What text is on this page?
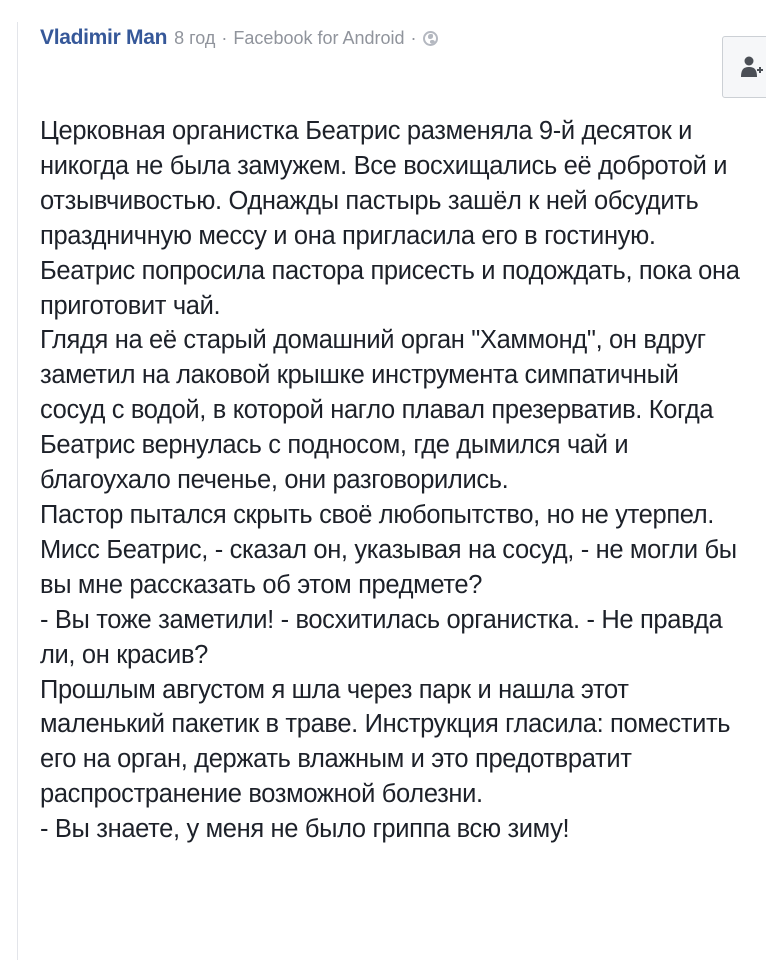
Vladimir Man 8 год · Facebook for Android ·

Церковная органистка Беатрис разменяла 9-й десяток и никогда не была замужем. Все восхищались её добротой и отзывчивостью. Однажды пастырь зашёл к ней обсудить праздничную мессу и она пригласила его в гостиную. Беатрис попросила пастора присесть и подождать, пока она приготовит чай.

Глядя на её старый домашний орган "Хаммонд", он вдруг заметил на лаковой крышке инструмента симпатичный сосуд с водой, в которой нагло плавал презерватив. Когда Беатрис вернулась с подносом, где дымился чай и благоухало печенье, они разговорились.

Пастор пытался скрыть своё любопытство, но не утерпел. Мисс Беатрис, - сказал он, указывая на сосуд, - не могли бы вы мне рассказать об этом предмете?

- Вы тоже заметили! - восхитилась органистка. - Не правда ли, он красив?

Прошлым августом я шла через парк и нашла этот маленький пакетик в траве. Инструкция гласила: поместить его на орган, держать влажным и это предотвратит распространение возможной болезни.

- Вы знаете, у меня не было гриппа всю зиму!
